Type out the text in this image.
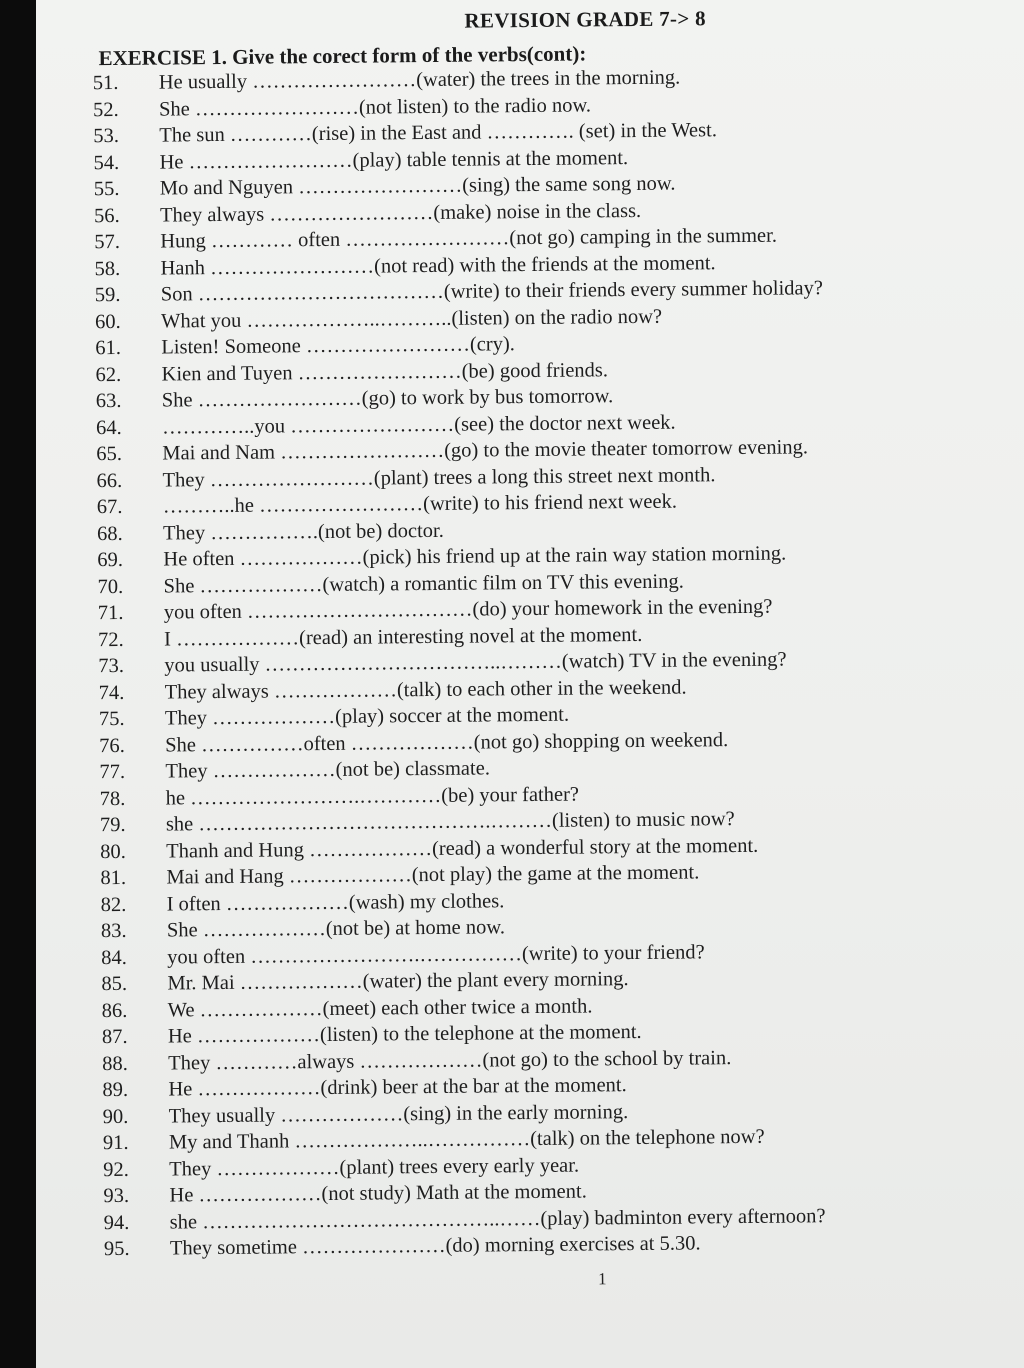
REVISION GRADE 7-> 8
EXERCISE 1. Give the corect form of the verbs(cont):
51.	He usually ……………………(water) the trees in the morning.
52.	She ……………………(not listen) to the radio now.
53.	The sun …………(rise) in the East and …………. (set) in the West.
54.	He ……………………(play) table tennis at the moment.
55.	Mo and Nguyen ……………………(sing) the same song now.
56.	They always ……………………(make) noise in the class.
57.	Hung ………… often ……………………(not go) camping in the summer.
58.	Hanh ……………………(not read) with the friends at the moment.
59.	Son ………………………………(write) to their friends every summer holiday?
60.	What you ………………..………..(listen) on the radio now?
61.	Listen! Someone ……………………(cry).
62.	Kien and Tuyen ……………………(be) good friends.
63.	She ……………………(go) to work by bus tomorrow.
64.	…………..you ……………………(see) the doctor next week.
65.	Mai and Nam ……………………(go) to the movie theater tomorrow evening.
66.	They ……………………(plant) trees a long this street next month.
67.	………..he ……………………(write) to his friend next week.
68.	They …………….(not be) doctor.
69.	He often ………………(pick) his friend up at the rain way station morning.
70.	She ………………(watch) a romantic film on TV this evening.
71.	you often ……………………………(do) your homework in the evening?
72.	I ………………(read) an interesting novel at the moment.
73.	you usually ……………………………..………(watch) TV in the evening?
74.	They always ………………(talk) to each other in the weekend.
75.	They ………………(play) soccer at the moment.
76.	She ……………often ………………(not go) shopping on weekend.
77.	They ………………(not be) classmate.
78.	he …………………….…………(be) your father?
79.	she …………………………………….………(listen) to music now?
80.	Thanh and Hung ………………(read) a wonderful story at the moment.
81.	Mai and Hang ………………(not play) the game at the moment.
82.	I often ………………(wash) my clothes.
83.	She ………………(not be) at home now.
84.	you often …………………….……………(write) to your friend?
85.	Mr. Mai ………………(water) the plant every morning.
86.	We ………………(meet) each other twice a month.
87.	He ………………(listen) to the telephone at the moment.
88.	They …………always ………………(not go) to the school by train.
89.	He ………………(drink) beer at the bar at the moment.
90.	They usually ………………(sing) in the early morning.
91.	My and Thanh ………………..……………(talk) on the telephone now?
92.	They ………………(plant) trees every early year.
93.	He ………………(not study) Math at the moment.
94.	she ……………………………………..……(play) badminton every afternoon?
95.	They sometime …………………(do) morning exercises at 5.30.
1
